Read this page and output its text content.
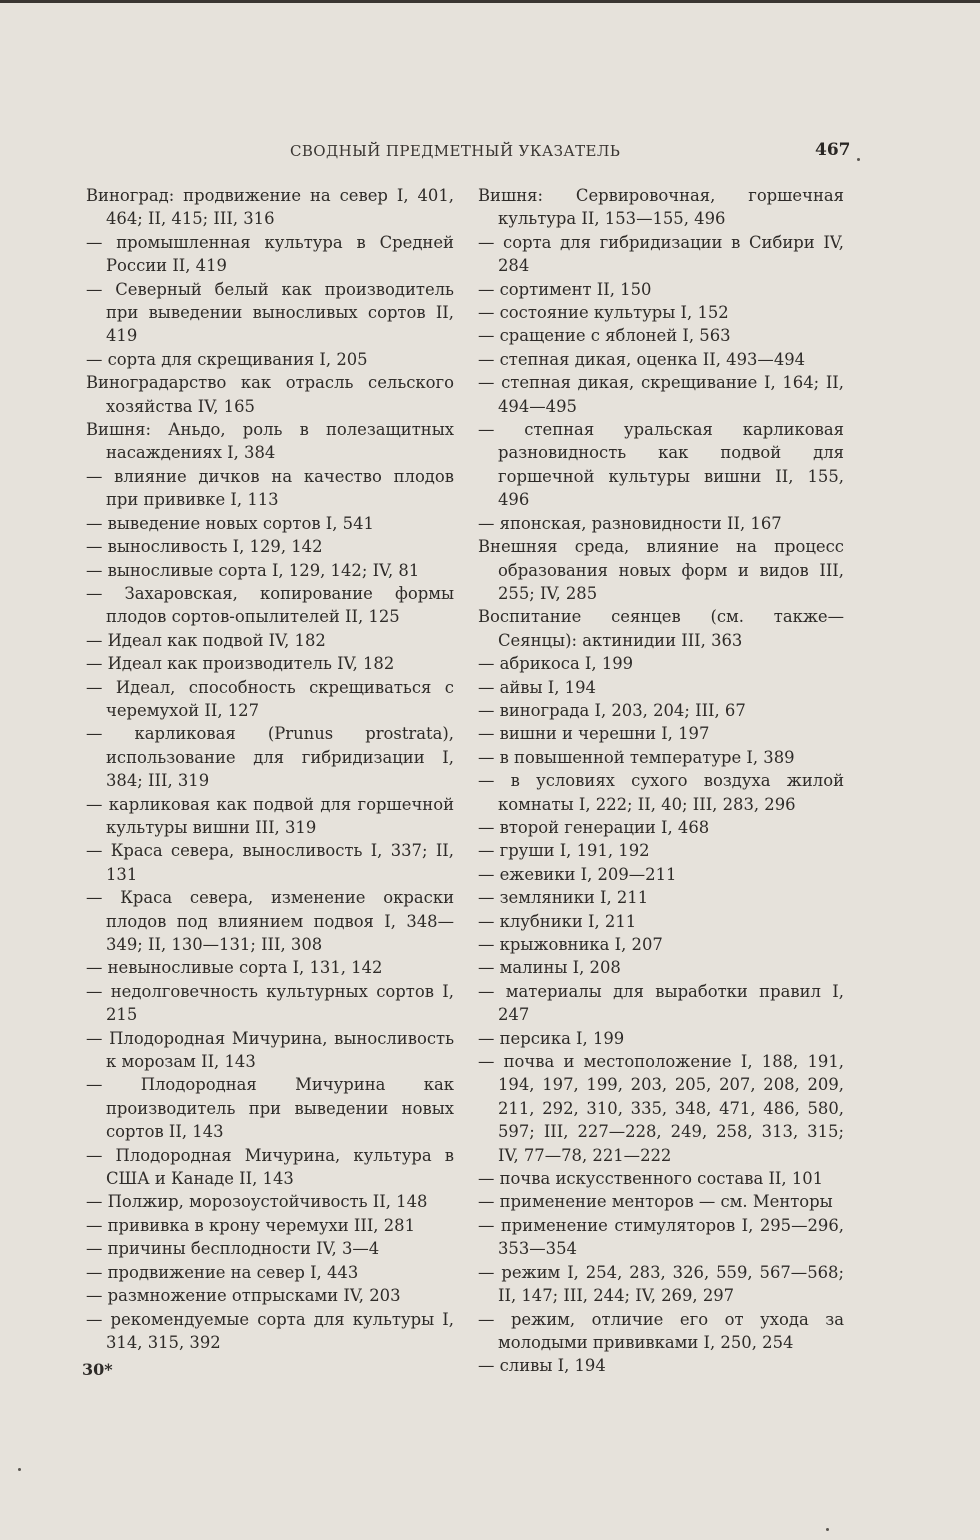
СВОДНЫЙ ПРЕДМЕТНЫЙ УКАЗАТЕЛЬ	467

Виноград: продвижение на север I, 401, 464; II, 415; III, 316

— промышленная культура в Средней России II, 419

— Северный белый как производитель при выведении выносливых сортов II, 419

— сорта для скрещивания I, 205

Виноградарство как отрасль сельского хозяйства IV, 165

Вишня: Аньдо, роль в полезащитных насаждениях I, 384

— влияние дичков на качество плодов при прививке I, 113

— выведение новых сортов I, 541

— выносливость I, 129, 142

— выносливые сорта I, 129, 142; IV, 81

— Захаровская, копирование формы плодов сортов-опылителей II, 125

— Идеал как подвой IV, 182

— Идеал как производитель IV, 182

— Идеал, способность скрещиваться с черемухой II, 127

— карликовая (Prunus prostrata), использование для гибридизации I, 384; III, 319

— карликовая как подвой для горшечной культуры вишни III, 319

— Краса севера, выносливость I, 337; II, 131

— Краса севера, изменение окраски плодов под влиянием подвоя I, 348—349; II, 130—131; III, 308

— невыносливые сорта I, 131, 142

— недолговечность культурных сортов I, 215

— Плодородная Мичурина, выносливость к морозам II, 143

— Плодородная Мичурина как производитель при выведении новых сортов II, 143

— Плодородная Мичурина, культура в США и Канаде II, 143

— Полжир, морозоустойчивость II, 148

— прививка в крону черемухи III, 281

— причины бесплодности IV, 3—4

— продвижение на север I, 443

— размножение отпрысками IV, 203

— рекомендуемые сорта для культуры I, 314, 315, 392

Вишня: Сервировочная, горшечная культура II, 153—155, 496

— сорта для гибридизации в Сибири IV, 284

— сортимент II, 150

— состояние культуры I, 152

— сращение с яблоней I, 563

— степная дикая, оценка II, 493—494

— степная дикая, скрещивание I, 164; II, 494—495

— степная уральская карликовая разновидность как подвой для горшечной культуры вишни II, 155, 496

— японская, разновидности II, 167

Внешняя среда, влияние на процесс образования новых форм и видов III, 255; IV, 285

Воспитание сеянцев (см. также—Сеянцы): актинидии III, 363

— абрикоса I, 199

— айвы I, 194

— винограда I, 203, 204; III, 67

— вишни и черешни I, 197

— в повышенной температуре I, 389

— в условиях сухого воздуха жилой комнаты I, 222; II, 40; III, 283, 296

— второй генерации I, 468

— груши I, 191, 192

— ежевики I, 209—211

— земляники I, 211

— клубники I, 211

— крыжовника I, 207

— малины I, 208

— материалы для выработки правил I, 247

— персика I, 199

— почва и местоположение I, 188, 191, 194, 197, 199, 203, 205, 207, 208, 209, 211, 292, 310, 335, 348, 471, 486, 580, 597; III, 227—228, 249, 258, 313, 315; IV, 77—78, 221—222

— почва искусственного состава II, 101

— применение менторов — см. Менторы

— применение стимуляторов I, 295—296, 353—354

— режим I, 254, 283, 326, 559, 567—568; II, 147; III, 244; IV, 269, 297

— режим, отличие его от ухода за молодыми прививками I, 250, 254

— сливы I, 194

30*
